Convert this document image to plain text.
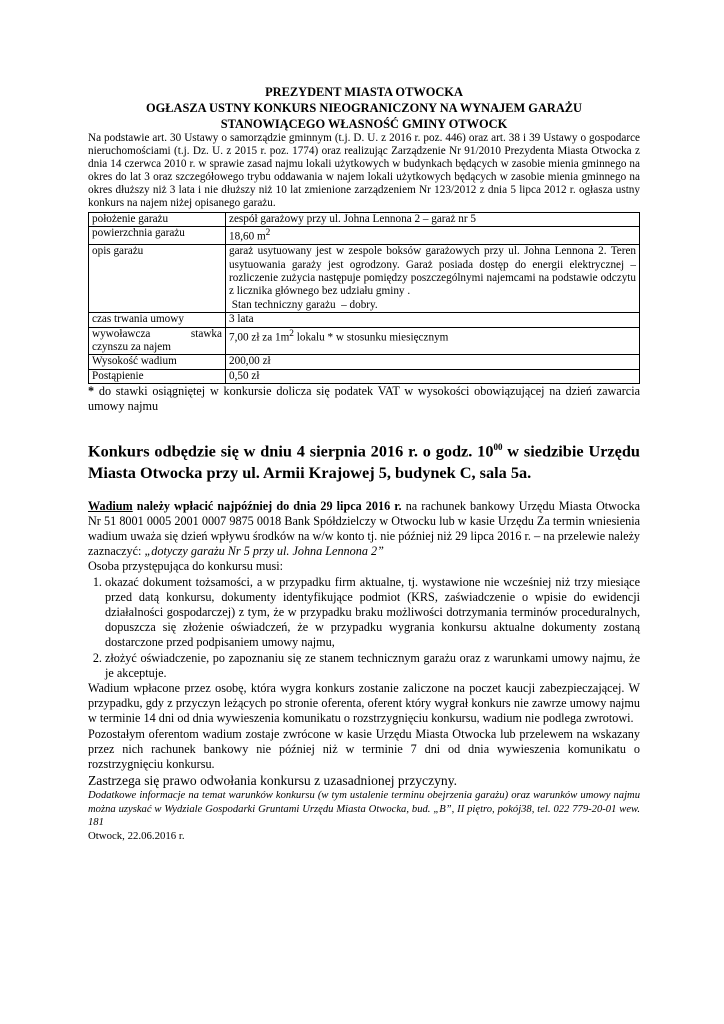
PREZYDENT MIASTA OTWOCKA

OGŁASZA USTNY KONKURS NIEOGRANICZONY NA WYNAJEM GARAŻU

STANOWIĄCEGO WŁASNOŚĆ GMINY OTWOCK

Na podstawie art. 30 Ustawy o samorządzie gminnym (t.j. D. U. z 2016 r. poz. 446) oraz art. 38 i 39 Ustawy o gospodarce nieruchomościami (t.j. Dz. U. z 2015 r. poz. 1774) oraz realizując Zarządzenie Nr 91/2010 Prezydenta Miasta Otwocka z dnia 14 czerwca 2010 r. w sprawie zasad najmu lokali użytkowych w budynkach będących w zasobie mienia gminnego na okres do lat 3 oraz szczegółowego trybu oddawania w najem lokali użytkowych będących w zasobie mienia gminnego na okres dłuższy niż 3 lata i nie dłuższy niż 10 lat zmienione zarządzeniem Nr 123/2012 z dnia 5 lipca 2012 r. ogłasza ustny konkurs na najem niżej opisanego garażu.

położenie garażu	zespół garażowy przy ul. Johna Lennona 2 – garaż nr 5
powierzchnia garażu	18,60 $m^2$
opis garażu	garaż usytuowany jest w zespole boksów garażowych przy ul. Johna Lennona 2. Teren usytuowania garaży jest ogrodzony. Garaż posiada dostęp do energii elektrycznej – rozliczenie zużycia następuje pomiędzy poszczególnymi najemcami na podstawie odczytu z licznika głównego bez udziału gminy .
Stan techniczny garażu  – dobry.

czas trwania umowy	3 lata

wywoławcza stawka
czynszu za najem	7,00 zł za $1m^2$ lokalu * w stosunku miesięcznym
Wysokość wadium	200,00 zł
Postąpienie	0,50 zł

* do stawki osiągniętej w konkursie dolicza się podatek VAT w wysokości obowiązującej na dzień zawarcia umowy najmu

Konkurs odbędzie się w dniu 4 sierpnia 2016 r. o godz. $10^{00}$ w siedzibie Urzędu Miasta Otwocka przy ul. Armii Krajowej 5, budynek C, sala 5a.

Wadium należy wpłacić najpóźniej do dnia 29 lipca 2016 r. na rachunek bankowy Urzędu Miasta Otwocka Nr 51 8001 0005 2001 0007 9875 0018 Bank Spółdzielczy w Otwocku lub w kasie Urzędu Za termin wniesienia wadium uważa się dzień wpływu środków na w/w konto tj. nie później niż 29 lipca 2016 r. – na przelewie należy zaznaczyć: „dotyczy garażu Nr 5 przy ul. Johna Lennona 2”

Osoba przystępująca do konkursu musi:

1. okazać dokument tożsamości, a w przypadku firm aktualne, tj. wystawione nie wcześniej niż trzy miesiące przed datą konkursu, dokumenty identyfikujące podmiot (KRS, zaświadczenie o wpisie do ewidencji działalności gospodarczej) z tym, że w przypadku braku możliwości dotrzymania terminów proceduralnych, dopuszcza się złożenie oświadczeń, że w przypadku wygrania konkursu aktualne dokumenty zostaną dostarczone przed podpisaniem umowy najmu,
2. złożyć oświadczenie, po zapoznaniu się ze stanem technicznym garażu oraz z warunkami umowy najmu, że je akceptuje.

Wadium wpłacone przez osobę, która wygra konkurs zostanie zaliczone na poczet kaucji zabezpieczającej. W przypadku, gdy z przyczyn leżących po stronie oferenta, oferent który wygrał konkurs nie zawrze umowy najmu w terminie 14 dni od dnia wywieszenia komunikatu o rozstrzygnięciu konkursu, wadium nie podlega zwrotowi.

Pozostałym oferentom wadium zostaje zwrócone w kasie Urzędu Miasta Otwocka lub przelewem na wskazany przez nich rachunek bankowy nie później niż w terminie 7 dni od dnia wywieszenia komunikatu o rozstrzygnięciu konkursu.

Zastrzega się prawo odwołania konkursu z uzasadnionej przyczyny.

Dodatkowe informacje na temat warunków konkursu (w tym ustalenie terminu obejrzenia garażu) oraz warunków umowy najmu można uzyskać w Wydziale Gospodarki Gruntami Urzędu Miasta Otwocka, bud. „B”, II piętro, pokój38, tel. 022 779-20-01 wew. 181

Otwock, 22.06.2016 r.
